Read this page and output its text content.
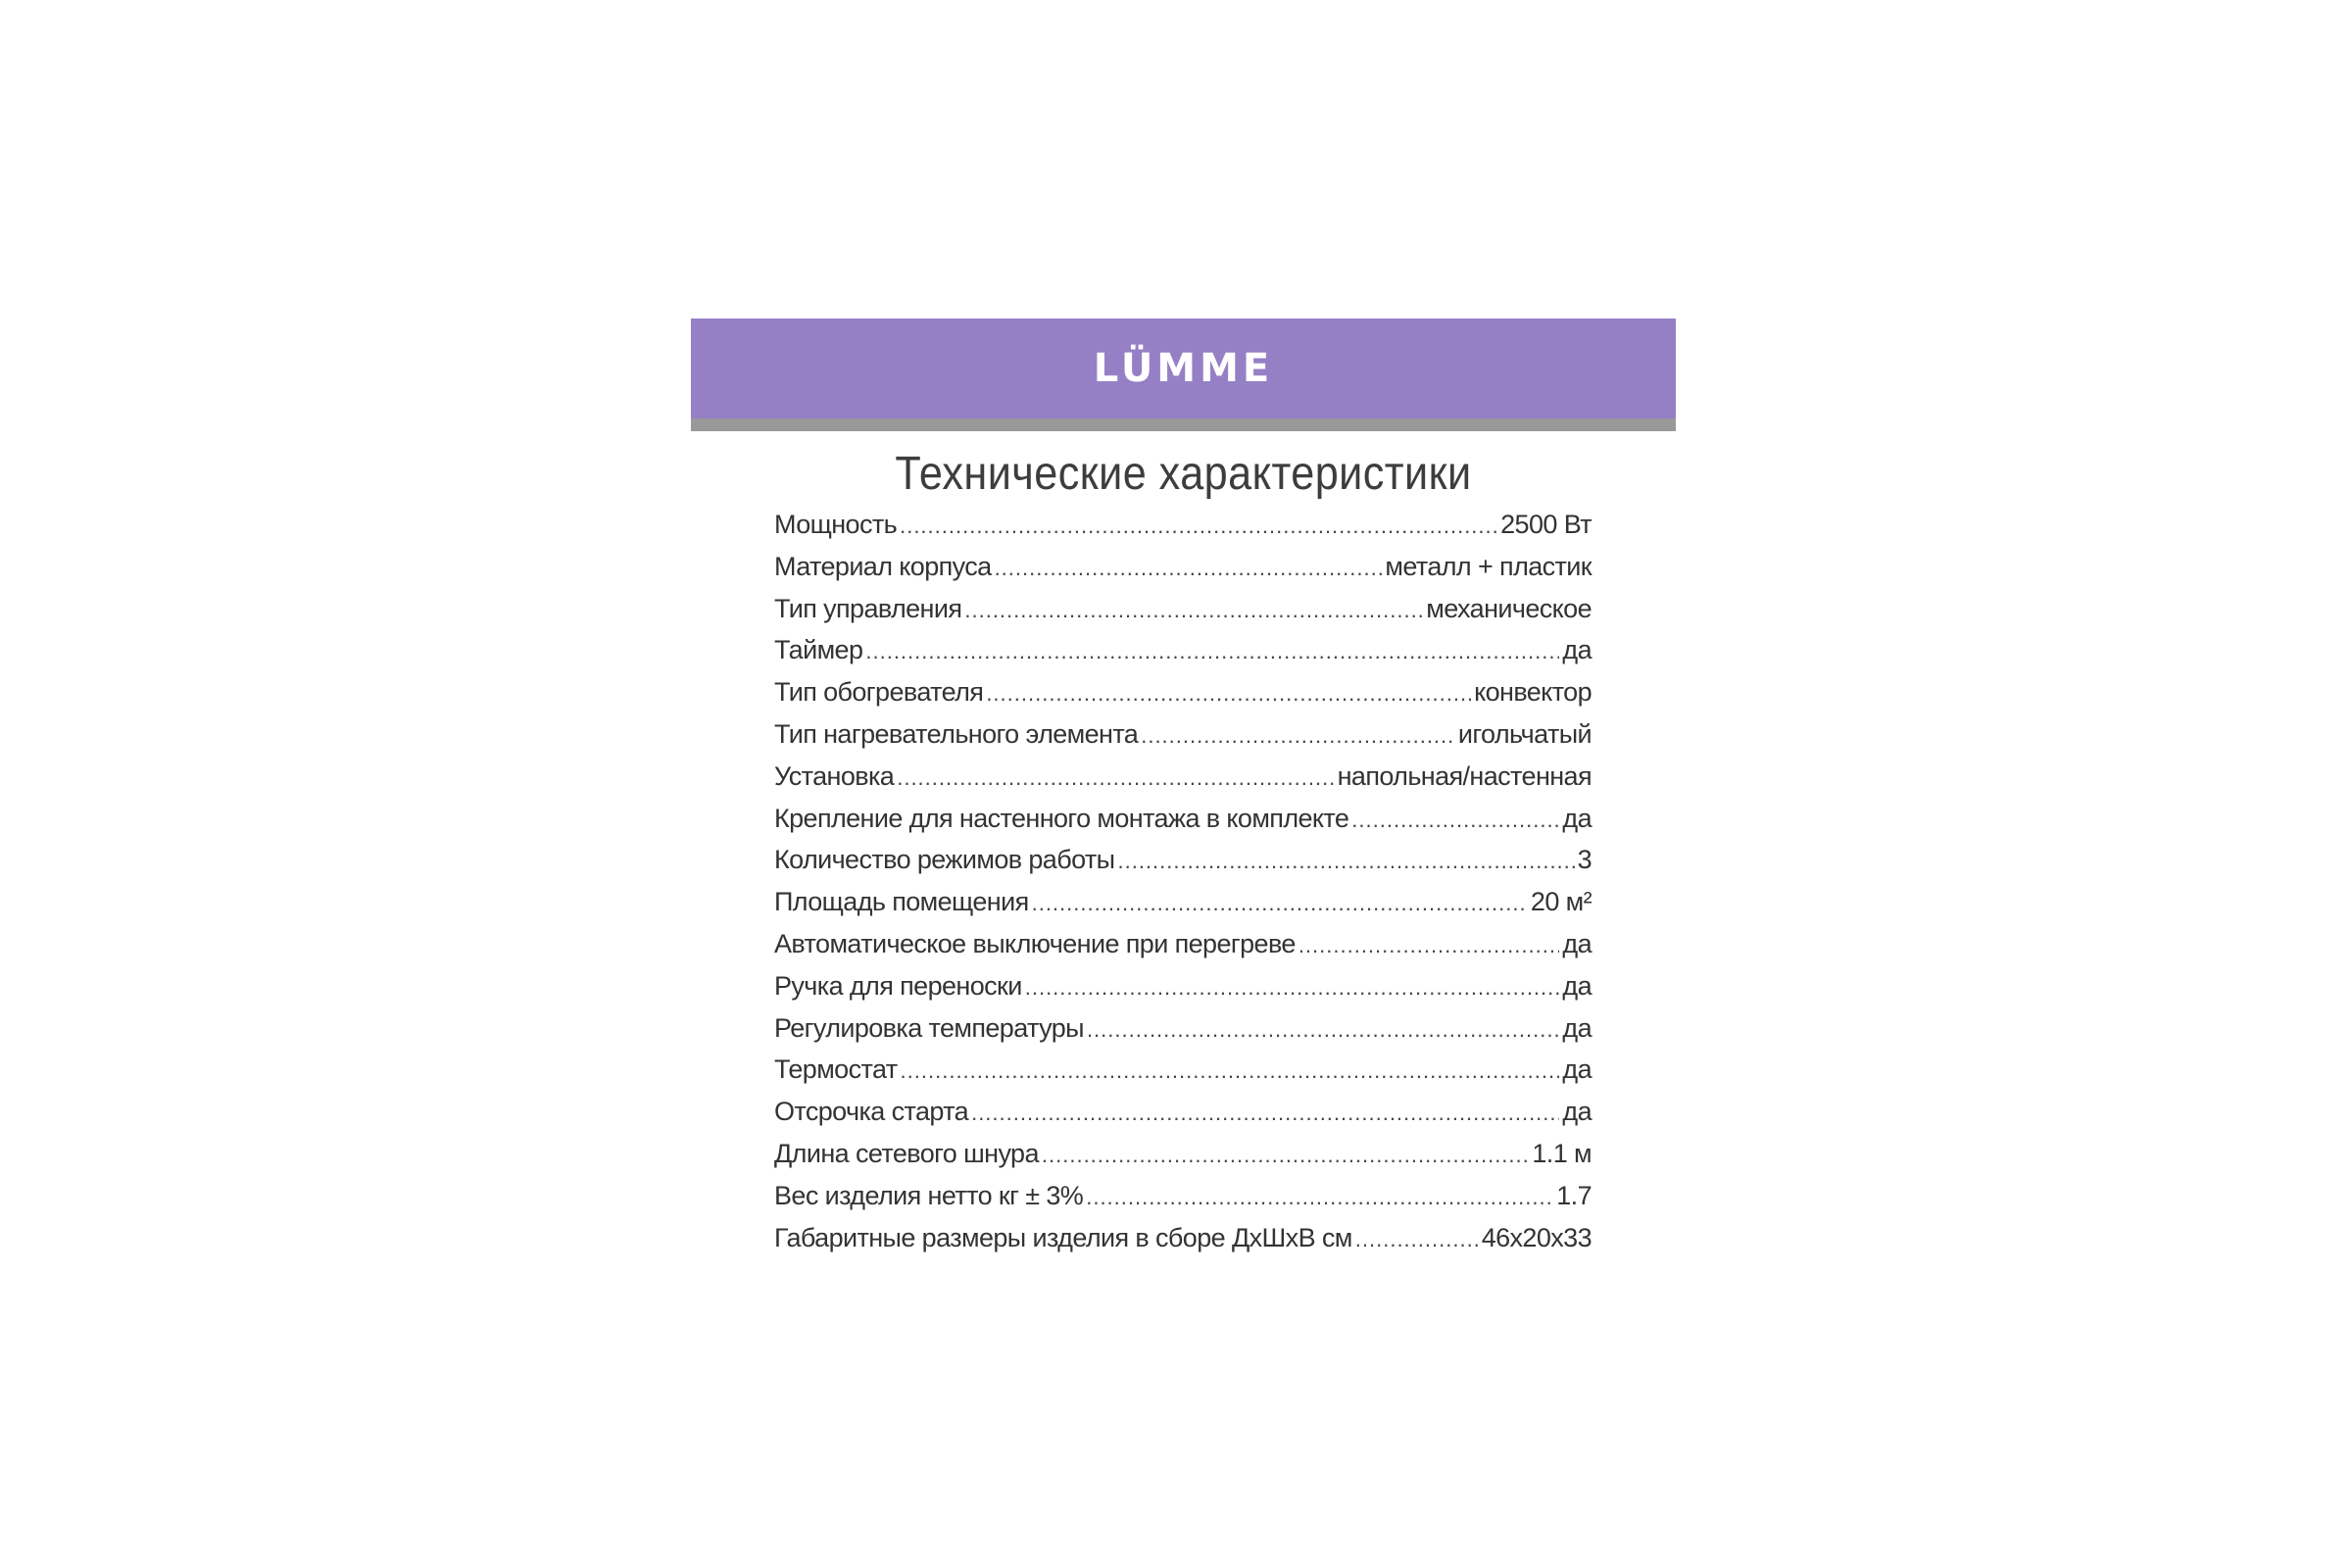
LÜMME
Технические характеристики
Мощность .....	2500 Вт
Материал корпуса .....	металл + пластик
Тип управления .....	механическое
Таймер .....	да
Тип обогревателя .....	конвектор
Тип нагревательного элемента .....	игольчатый
Установка .....	напольная/настенная
Крепление для настенного монтажа в комплекте .....	да
Количество режимов работы .....	3
Площадь помещения .....	20 м²
Автоматическое выключение при перегреве .....	да
Ручка для переноски .....	да
Регулировка температуры .....	да
Термостат .....	да
Отсрочка старта .....	да
Длина сетевого шнура .....	1.1 м
Вес изделия нетто кг ± 3% .....	1.7
Габаритные размеры изделия в сборе ДхШхВ см .....	46x20x33
